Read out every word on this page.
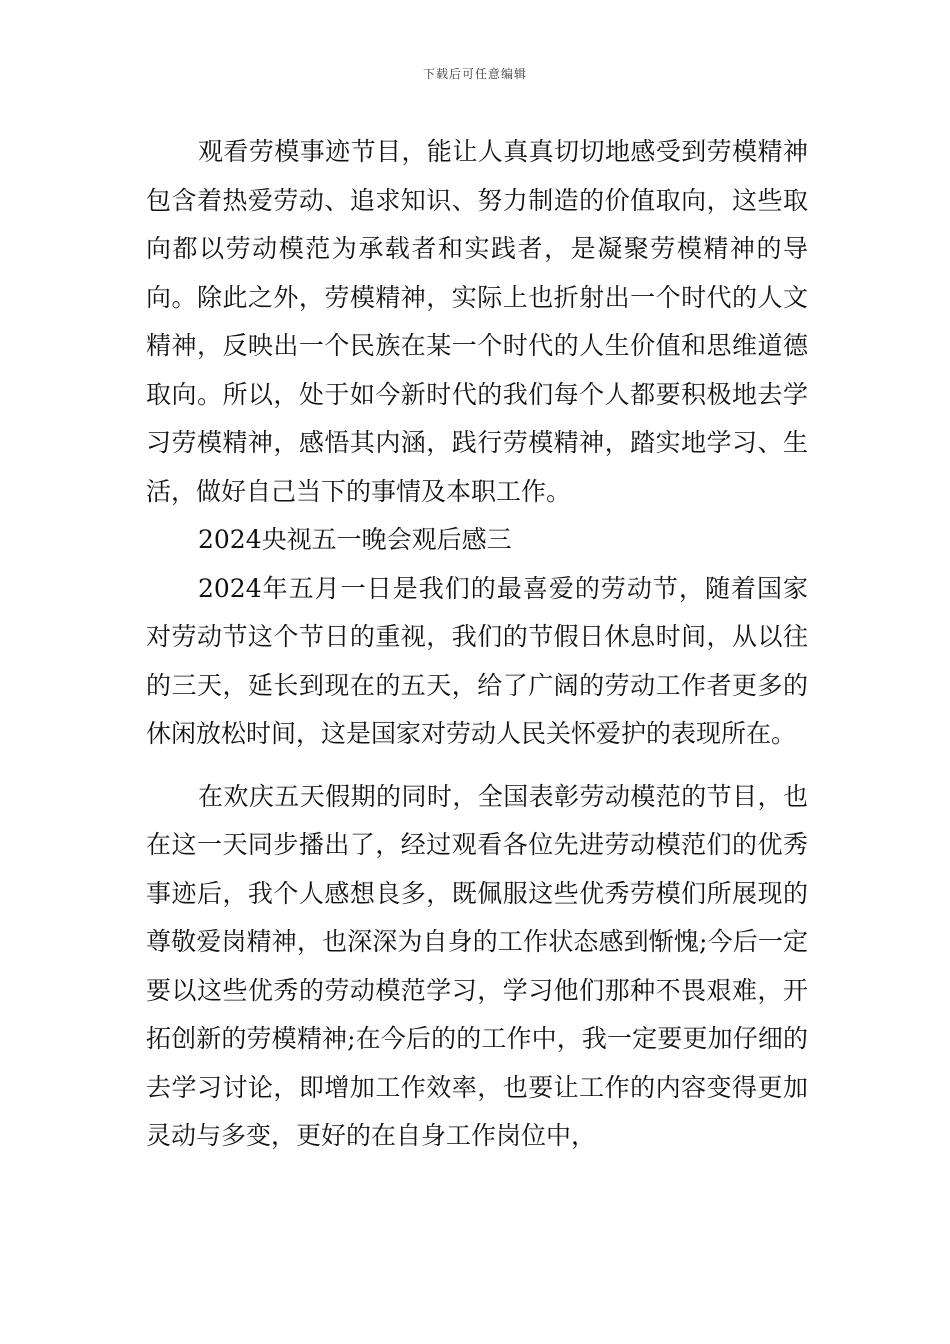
下载后可任意编辑

观看劳模事迹节目，能让人真真切切地感受到劳模精神包含着热爱劳动、追求知识、努力制造的价值取向，这些取向都以劳动模范为承载者和实践者，是凝聚劳模精神的导向。除此之外，劳模精神，实际上也折射出一个时代的人文精神，反映出一个民族在某一个时代的人生价值和思维道德取向。所以，处于如今新时代的我们每个人都要积极地去学习劳模精神，感悟其内涵，践行劳模精神，踏实地学习、生活，做好自己当下的事情及本职工作。

2024央视五一晚会观后感三

2024年五月一日是我们的最喜爱的劳动节，随着国家对劳动节这个节日的重视，我们的节假日休息时间，从以往的三天，延长到现在的五天，给了广阔的劳动工作者更多的休闲放松时间，这是国家对劳动人民关怀爱护的表现所在。

在欢庆五天假期的同时，全国表彰劳动模范的节目，也在这一天同步播出了，经过观看各位先进劳动模范们的优秀事迹后，我个人感想良多，既佩服这些优秀劳模们所展现的尊敬爱岗精神，也深深为自身的工作状态感到惭愧;今后一定要以这些优秀的劳动模范学习，学习他们那种不畏艰难，开拓创新的劳模精神;在今后的的工作中，我一定要更加仔细的去学习讨论，即增加工作效率，也要让工作的内容变得更加灵动与多变，更好的在自身工作岗位中，
